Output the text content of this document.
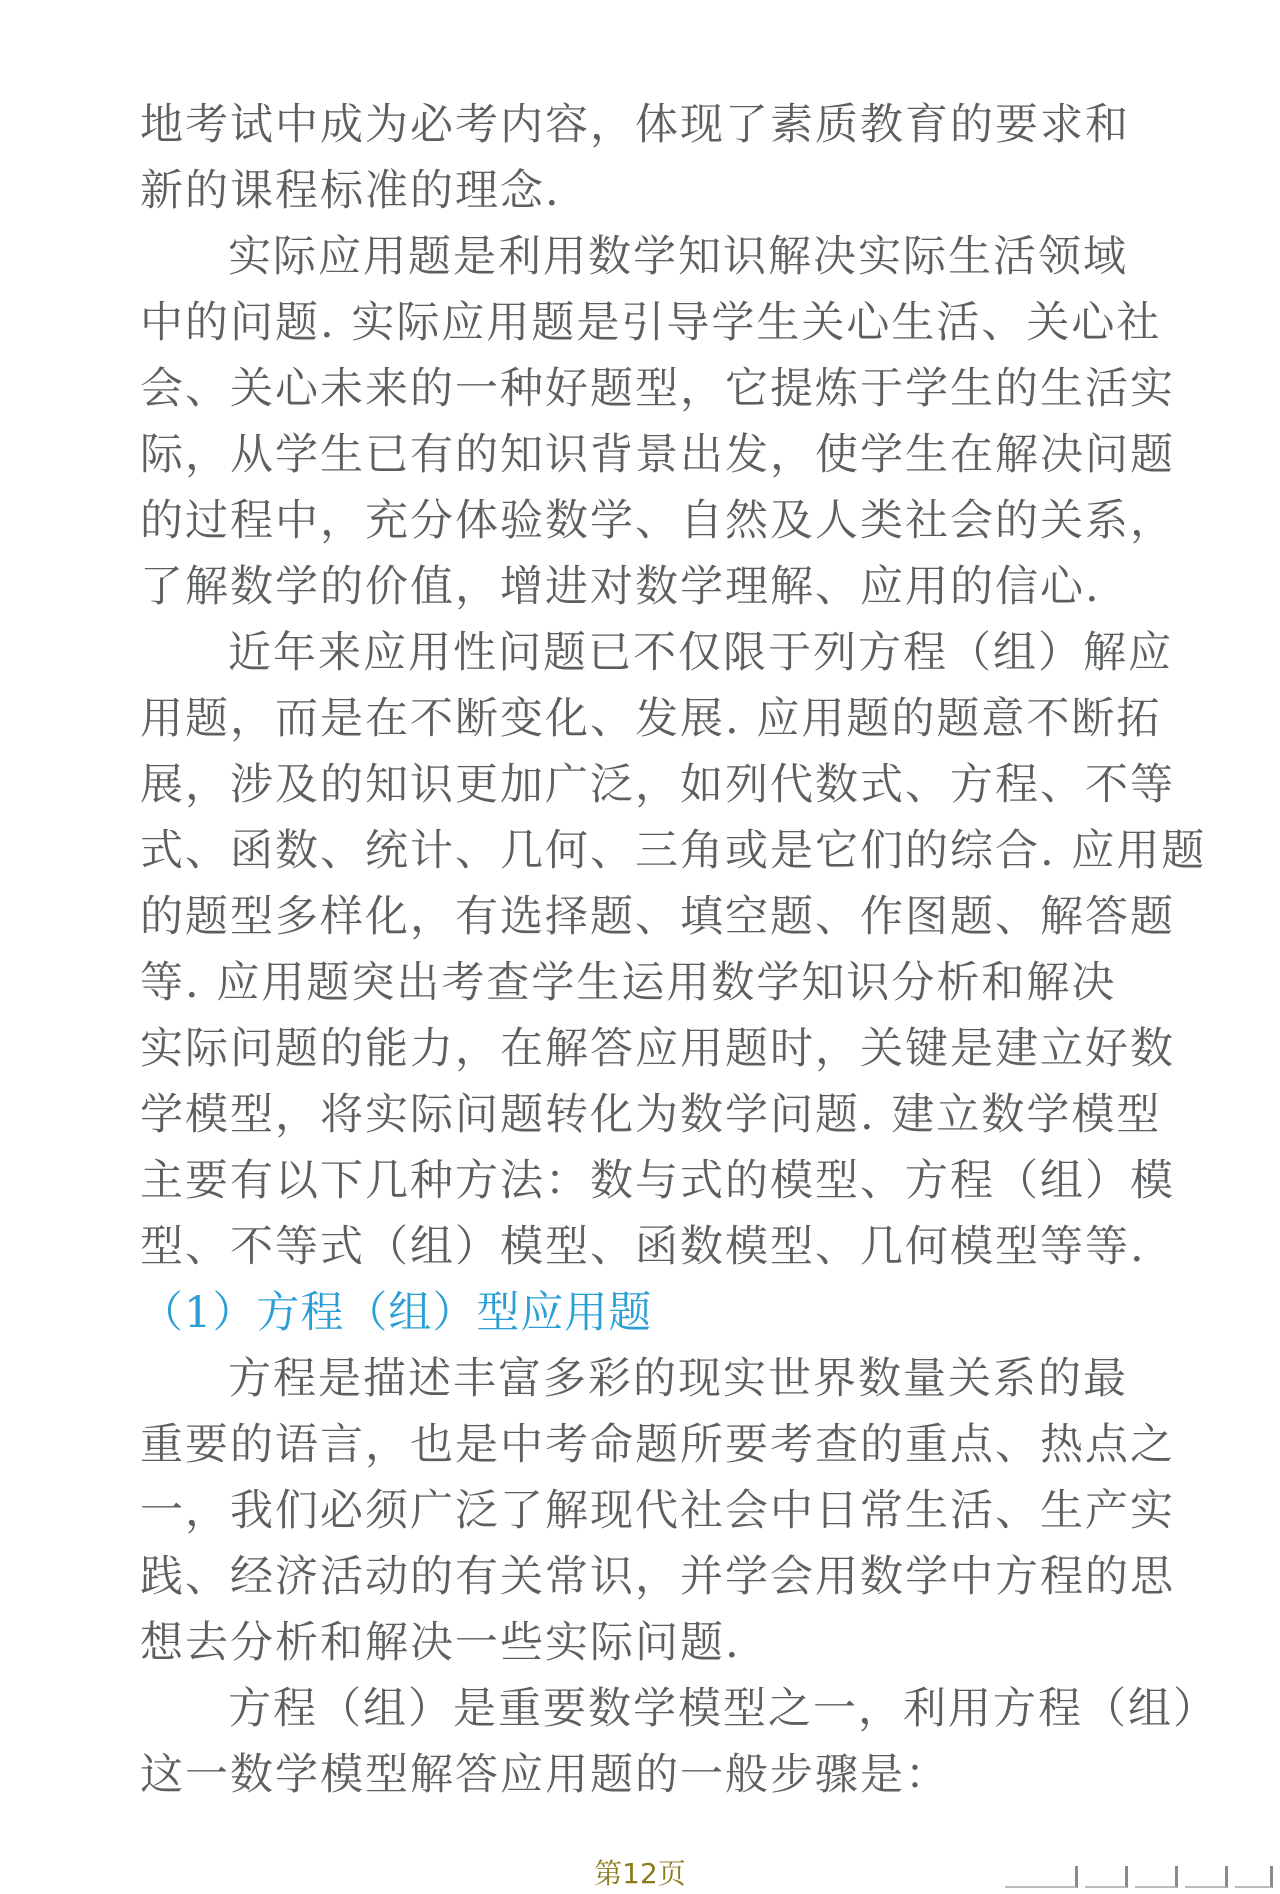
地考试中成为必考内容，体现了素质教育的要求和
新的课程标准的理念.
实际应用题是利用数学知识解决实际生活领域
中的问题. 实际应用题是引导学生关心生活、关心社
会、关心未来的一种好题型，它提炼于学生的生活实
际，从学生已有的知识背景出发，使学生在解决问题
的过程中，充分体验数学、自然及人类社会的关系，
了解数学的价值，增进对数学理解、应用的信心.
近年来应用性问题已不仅限于列方程（组）解应
用题，而是在不断变化、发展. 应用题的题意不断拓
展，涉及的知识更加广泛，如列代数式、方程、不等
式、函数、统计、几何、三角或是它们的综合. 应用题
的题型多样化，有选择题、填空题、作图题、解答题
等. 应用题突出考查学生运用数学知识分析和解决
实际问题的能力，在解答应用题时，关键是建立好数
学模型，将实际问题转化为数学问题. 建立数学模型
主要有以下几种方法：数与式的模型、方程（组）模
型、不等式（组）模型、函数模型、几何模型等等.
（1）方程（组）型应用题
方程是描述丰富多彩的现实世界数量关系的最
重要的语言，也是中考命题所要考查的重点、热点之
一，我们必须广泛了解现代社会中日常生活、生产实
践、经济活动的有关常识，并学会用数学中方程的思
想去分析和解决一些实际问题.
方程（组）是重要数学模型之一，利用方程（组）
这一数学模型解答应用题的一般步骤是：
第12页
